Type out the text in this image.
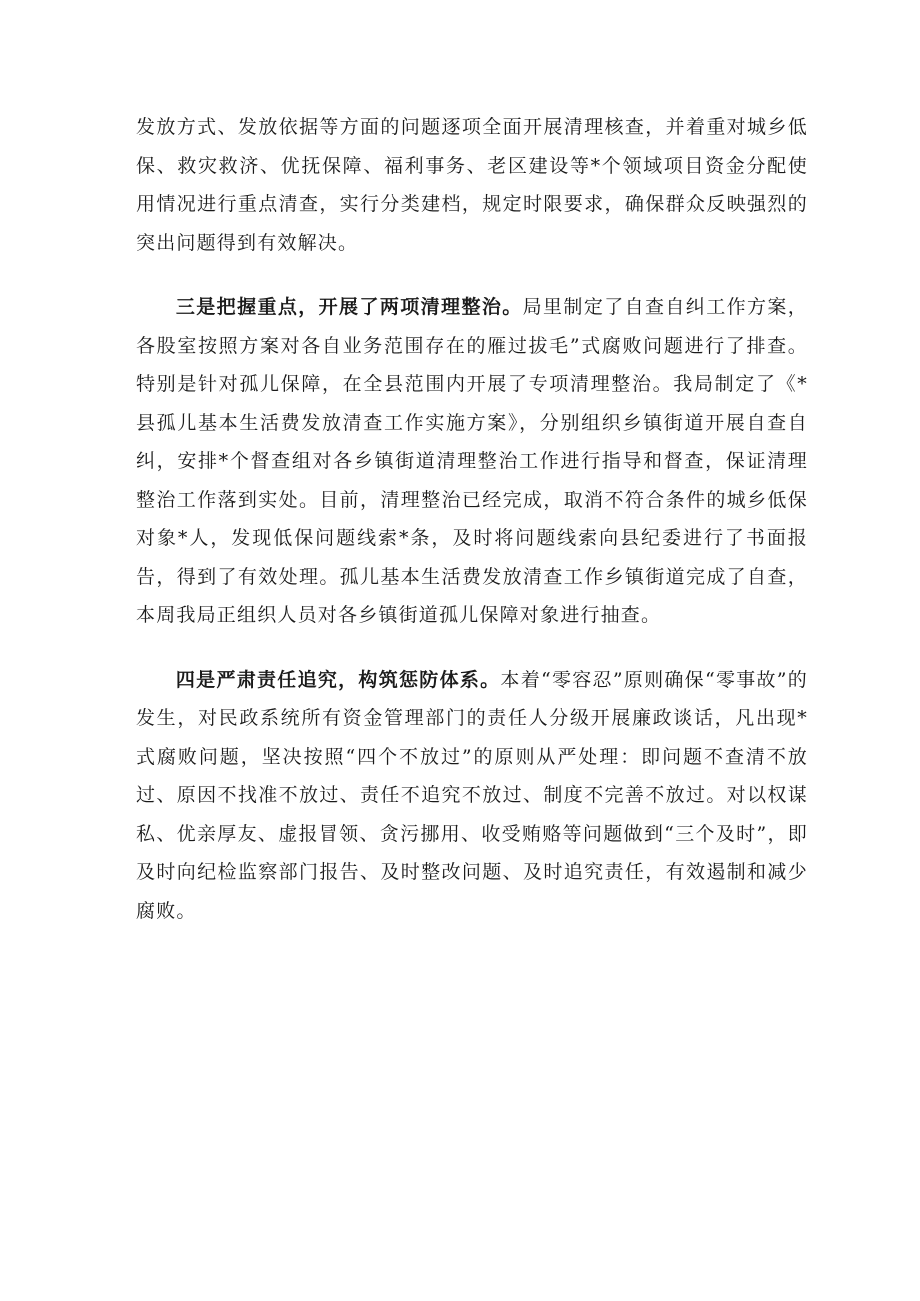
发放方式、发放依据等方面的问题逐项全面开展清理核查，并着重对城乡低保、救灾救济、优抚保障、福利事务、老区建设等*个领域项目资金分配使用情况进行重点清查，实行分类建档，规定时限要求，确保群众反映强烈的突出问题得到有效解决。

三是把握重点，开展了两项清理整治。局里制定了自查自纠工作方案，各股室按照方案对各自业务范围存在的雁过拔毛”式腐败问题进行了排查。特别是针对孤儿保障，在全县范围内开展了专项清理整治。我局制定了《*县孤儿基本生活费发放清查工作实施方案》，分别组织乡镇街道开展自查自纠，安排*个督查组对各乡镇街道清理整治工作进行指导和督查，保证清理整治工作落到实处。目前，清理整治已经完成，取消不符合条件的城乡低保对象*人，发现低保问题线索*条，及时将问题线索向县纪委进行了书面报告，得到了有效处理。孤儿基本生活费发放清查工作乡镇街道完成了自查，本周我局正组织人员对各乡镇街道孤儿保障对象进行抽查。

四是严肃责任追究，构筑惩防体系。本着“零容忍”原则确保“零事故”的发生，对民政系统所有资金管理部门的责任人分级开展廉政谈话，凡出现*式腐败问题，坚决按照“四个不放过”的原则从严处理：即问题不查清不放过、原因不找准不放过、责任不追究不放过、制度不完善不放过。对以权谋私、优亲厚友、虚报冒领、贪污挪用、收受贿赂等问题做到“三个及时”，即及时向纪检监察部门报告、及时整改问题、及时追究责任，有效遏制和减少腐败。
